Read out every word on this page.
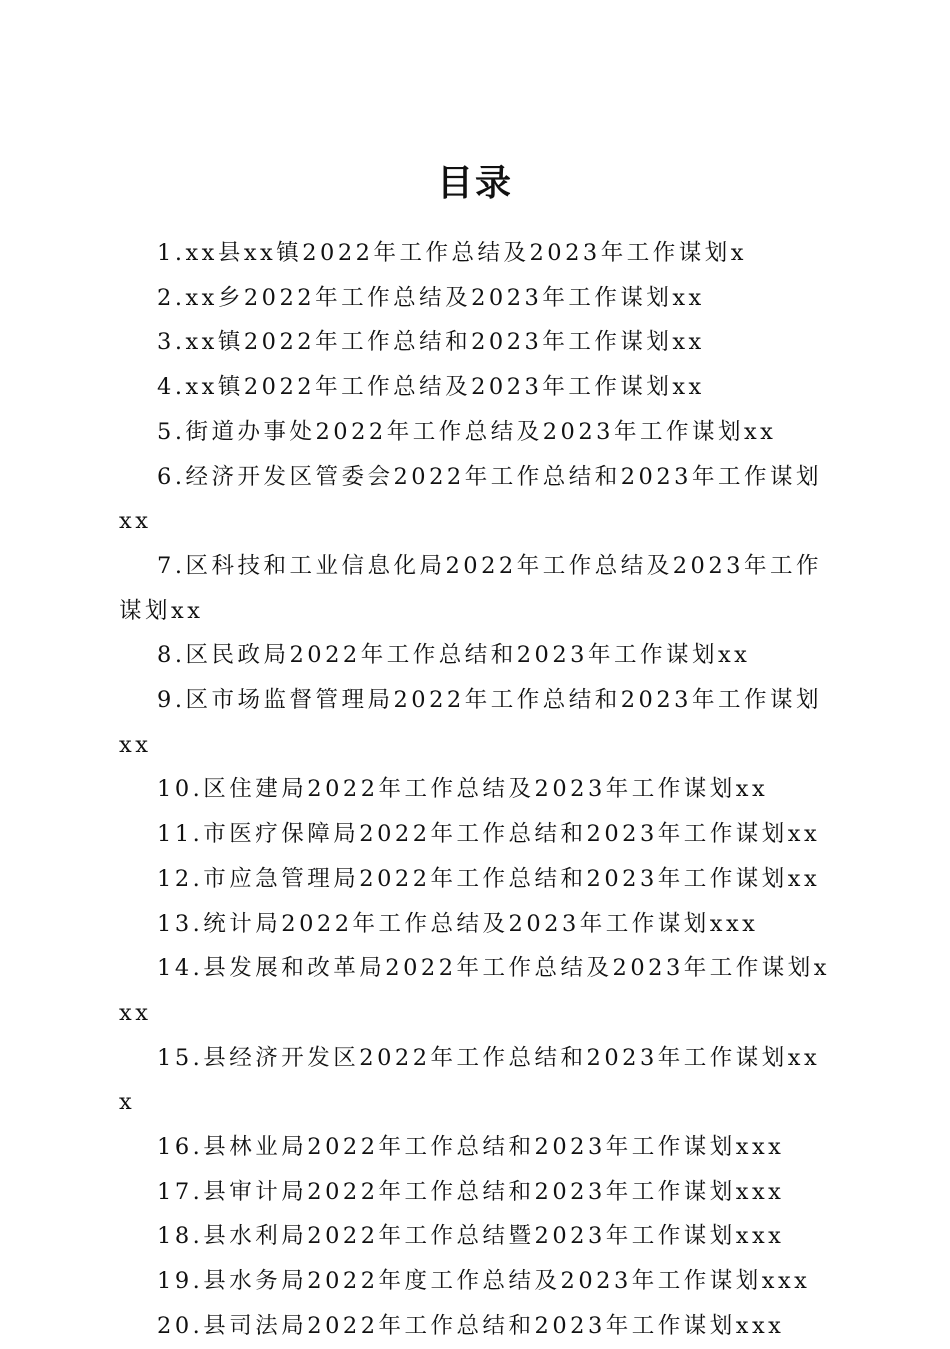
目录
1.xx县xx镇2022年工作总结及2023年工作谋划x
2.xx乡2022年工作总结及2023年工作谋划xx
3.xx镇2022年工作总结和2023年工作谋划xx
4.xx镇2022年工作总结及2023年工作谋划xx
5.街道办事处2022年工作总结及2023年工作谋划xx
6.经济开发区管委会2022年工作总结和2023年工作谋划xx
7.区科技和工业信息化局2022年工作总结及2023年工作谋划xx
8.区民政局2022年工作总结和2023年工作谋划xx
9.区市场监督管理局2022年工作总结和2023年工作谋划xx
10.区住建局2022年工作总结及2023年工作谋划xx
11.市医疗保障局2022年工作总结和2023年工作谋划xx
12.市应急管理局2022年工作总结和2023年工作谋划xx
13.统计局2022年工作总结及2023年工作谋划xxx
14.县发展和改革局2022年工作总结及2023年工作谋划xxx
15.县经济开发区2022年工作总结和2023年工作谋划xxx
16.县林业局2022年工作总结和2023年工作谋划xxx
17.县审计局2022年工作总结和2023年工作谋划xxx
18.县水利局2022年工作总结暨2023年工作谋划xxx
19.县水务局2022年度工作总结及2023年工作谋划xxx
20.县司法局2022年工作总结和2023年工作谋划xxx
